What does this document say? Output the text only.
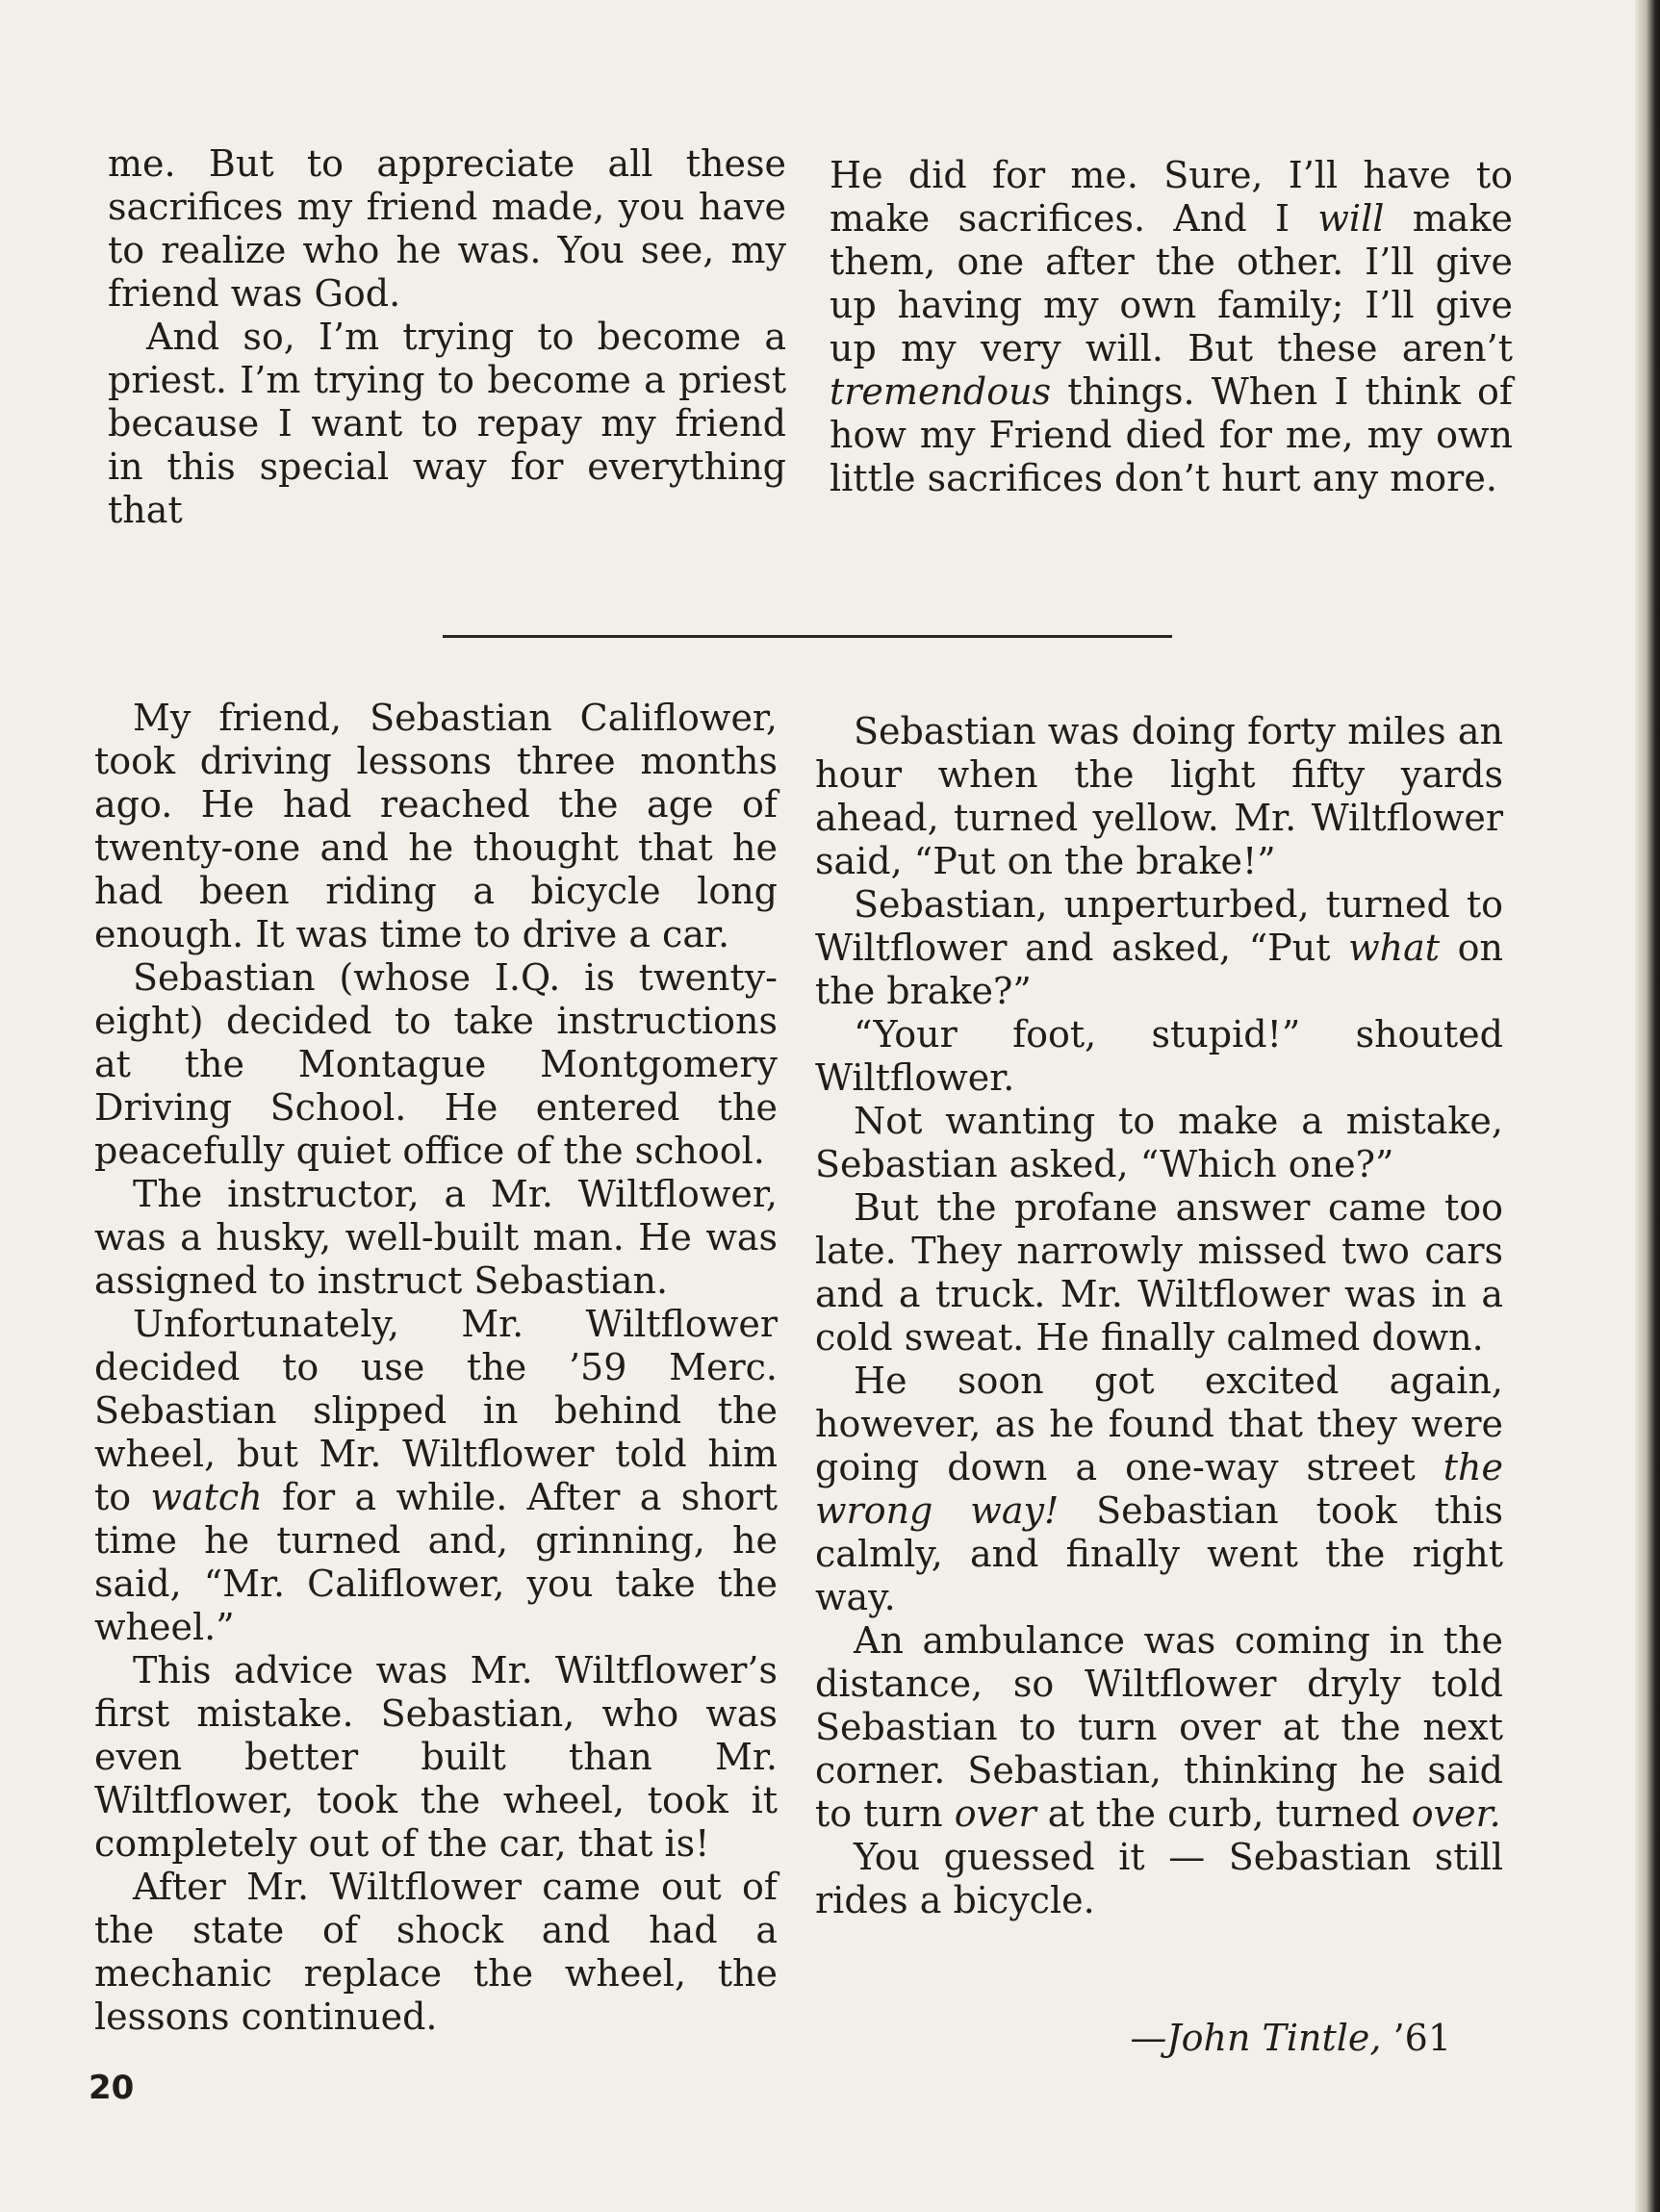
me. But to appreciate all these sacrifices my friend made, you have to realize who he was. You see, my friend was God.

And so, I’m trying to become a priest. I’m trying to become a priest because I want to repay my friend in this special way for everything that

He did for me. Sure, I’ll have to make sacrifices. And I will make them, one after the other. I’ll give up having my own family; I’ll give up my very will. But these aren’t tremendous things. When I think of how my Friend died for me, my own little sacrifices don’t hurt any more.

My friend, Sebastian Califlower, took driving lessons three months ago. He had reached the age of twenty-one and he thought that he had been riding a bicycle long enough. It was time to drive a car.

Sebastian (whose I.Q. is twenty-eight) decided to take instructions at the Montague Montgomery Driving School. He entered the peacefully quiet office of the school.

The instructor, a Mr. Wiltflower, was a husky, well-built man. He was assigned to instruct Sebastian.

Unfortunately, Mr. Wiltflower decided to use the ’59 Merc. Sebastian slipped in behind the wheel, but Mr. Wiltflower told him to watch for a while. After a short time he turned and, grinning, he said, “Mr. Califlower, you take the wheel.”

This advice was Mr. Wiltflower’s first mistake. Sebastian, who was even better built than Mr. Wiltflower, took the wheel, took it completely out of the car, that is!

After Mr. Wiltflower came out of the state of shock and had a mechanic replace the wheel, the lessons continued.

Sebastian was doing forty miles an hour when the light fifty yards ahead, turned yellow. Mr. Wiltflower said, “Put on the brake!”

Sebastian, unperturbed, turned to Wiltflower and asked, “Put what on the brake?”

“Your foot, stupid!” shouted Wiltflower.

Not wanting to make a mistake, Sebastian asked, “Which one?”

But the profane answer came too late. They narrowly missed two cars and a truck. Mr. Wiltflower was in a cold sweat. He finally calmed down.

He soon got excited again, however, as he found that they were going down a one-way street the wrong way! Sebastian took this calmly, and finally went the right way.

An ambulance was coming in the distance, so Wiltflower dryly told Sebastian to turn over at the next corner. Sebastian, thinking he said to turn over at the curb, turned over.

You guessed it — Sebastian still rides a bicycle.

—John Tintle, ’61
20
